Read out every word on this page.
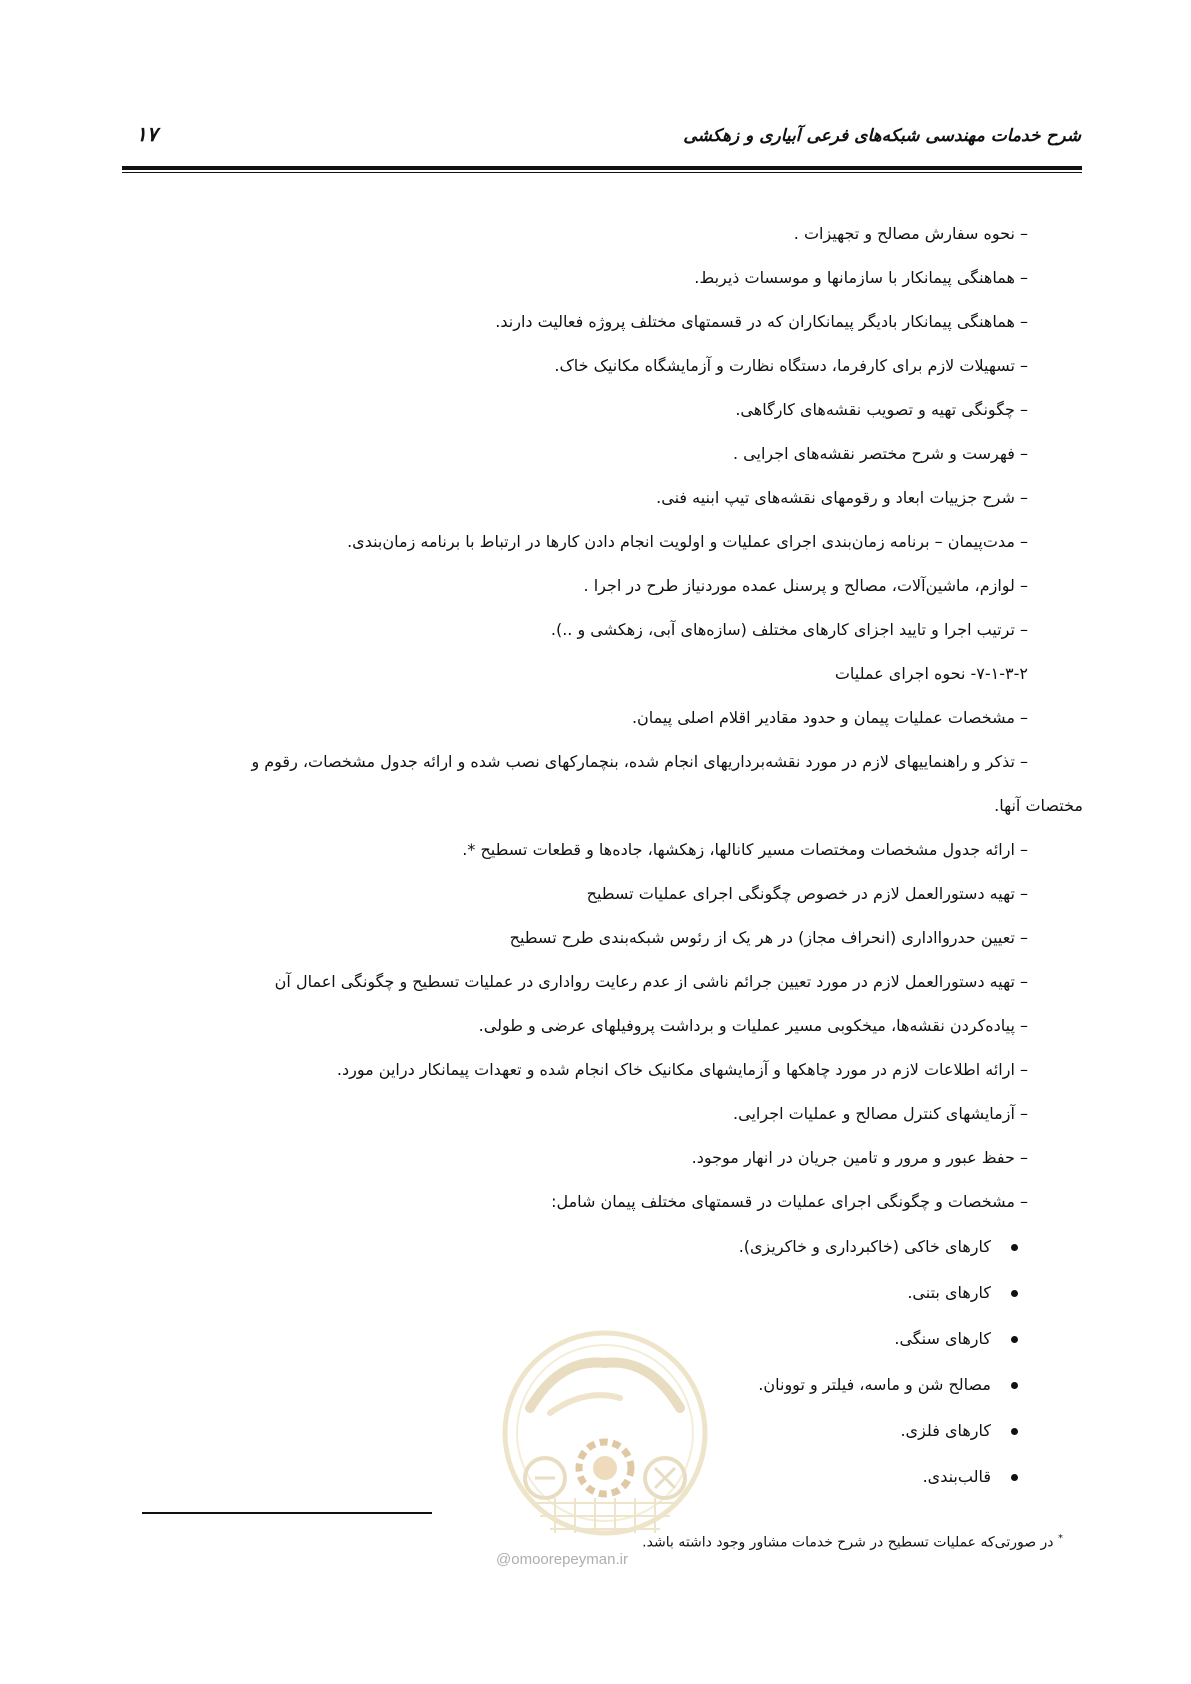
شرح خدمات مهندسی شبکه‌های فرعی آبیاری و زهکشی
۱۷
– نحوه سفارش مصالح و تجهیزات .
– هماهنگی پیمانکار با سازمانها و موسسات ذیربط.
– هماهنگی پیمانکار بادیگر پیمانکاران که در قسمتهای مختلف پروژه فعالیت دارند.
– تسهیلات لازم برای کارفرما، دستگاه نظارت و آزمایشگاه مکانیک خاک.
– چگونگی تهیه و تصویب نقشه‌های کارگاهی.
– فهرست و شرح مختصر نقشه‌های اجرایی .
– شرح جزییات ابعاد و رقومهای نقشه‌های تیپ ابنیه فنی.
– مدت‌پیمان – برنامه زمان‌بندی اجرای عملیات و اولویت انجام دادن کارها در ارتباط با برنامه زمان‌بندی.
– لوازم، ماشین‌آلات، مصالح و پرسنل عمده موردنیاز طرح در اجرا .
– ترتیب اجرا و تایید اجزای کارهای مختلف (سازه‌های آبی، زهکشی و ..).
۷-۱-۳-۲- نحوه اجرای عملیات
– مشخصات عملیات پیمان و حدود مقادیر اقلام اصلی پیمان.
– تذکر و راهنماییهای لازم در مورد نقشه‌برداریهای انجام شده، بنچمارکهای نصب شده و ارائه جدول مشخصات، رقوم و
مختصات آنها.
– ارائه جدول مشخصات ومختصات مسیر کانالها، زهکشها، جاده‌ها و قطعات تسطیح *.
– تهیه دستورالعمل لازم در خصوص چگونگی اجرای عملیات تسطیح
– تعیین حدروااداری (انحراف مجاز) در هر یک از رئوس شبکه‌بندی طرح تسطیح
– تهیه دستورالعمل لازم در مورد تعیین جرائم ناشی از عدم رعایت رواداری در عملیات تسطیح و چگونگی اعمال آن
– پیاده‌کردن نقشه‌ها، میخکوبی مسیر عملیات و برداشت پروفیلهای عرضی و طولی.
– ارائه اطلاعات لازم در مورد چاهکها و آزمایشهای مکانیک خاک انجام شده و تعهدات پیمانکار دراین مورد.
– آزمایشهای کنترل مصالح و عملیات اجرایی.
– حفظ عبور و مرور و تامین جریان در انهار موجود.
– مشخصات و چگونگی اجرای عملیات در قسمتهای مختلف پیمان شامل:
کارهای خاکی (خاکبرداری و خاکریزی).
کارهای بتنی.
کارهای سنگی.
مصالح شن و ماسه، فیلتر و توونان.
کارهای فلزی.
قالب‌بندی.
@omoorepeyman.ir
* در صورتی‌که عملیات تسطیح در شرح خدمات مشاور وجود داشته باشد.
